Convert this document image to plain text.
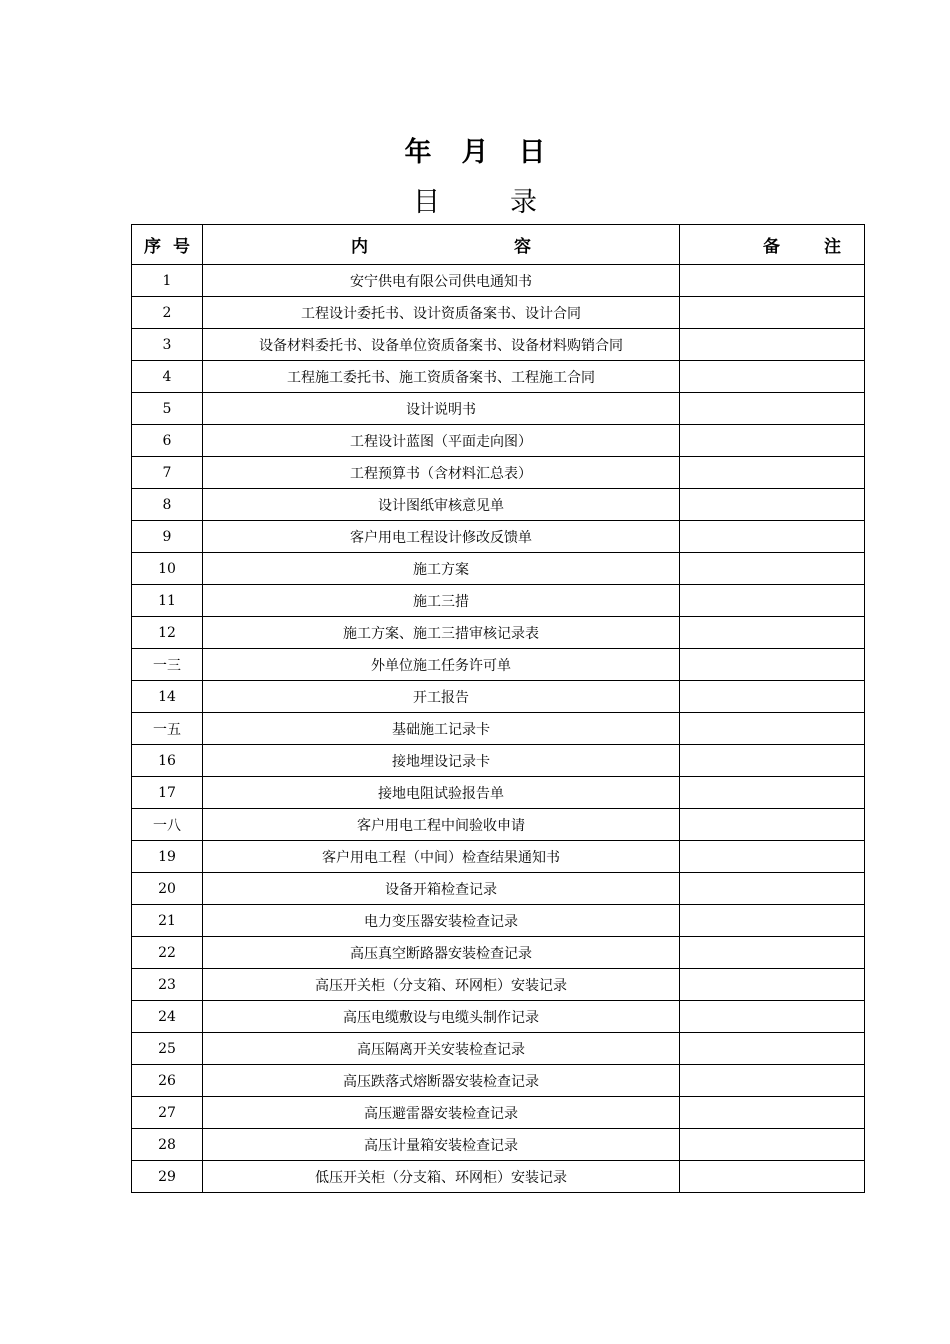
年 月 日
目	录
序 号	内 容	备 注

1	安宁供电有限公司供电通知书	
2	工程设计委托书、设计资质备案书、设计合同	
3	设备材料委托书、设备单位资质备案书、设备材料购销合同	
4	工程施工委托书、施工资质备案书、工程施工合同	
5	设计说明书	
6	工程设计蓝图（平面走向图）	
7	工程预算书（含材料汇总表）	
8	设计图纸审核意见单	
9	客户用电工程设计修改反馈单	
10	施工方案	
11	施工三措	
12	施工方案、施工三措审核记录表	
一三	外单位施工任务许可单	
14	开工报告	
一五	基础施工记录卡	
16	接地埋设记录卡	
17	接地电阻试验报告单	
一八	客户用电工程中间验收申请	
19	客户用电工程（中间）检查结果通知书	
20	设备开箱检查记录	
21	电力变压器安装检查记录	
22	高压真空断路器安装检查记录	
23	高压开关柜（分支箱、环网柜）安装记录	
24	高压电缆敷设与电缆头制作记录	
25	高压隔离开关安装检查记录	
26	高压跌落式熔断器安装检查记录	
27	高压避雷器安装检查记录	
28	高压计量箱安装检查记录	
29	低压开关柜（分支箱、环网柜）安装记录	
